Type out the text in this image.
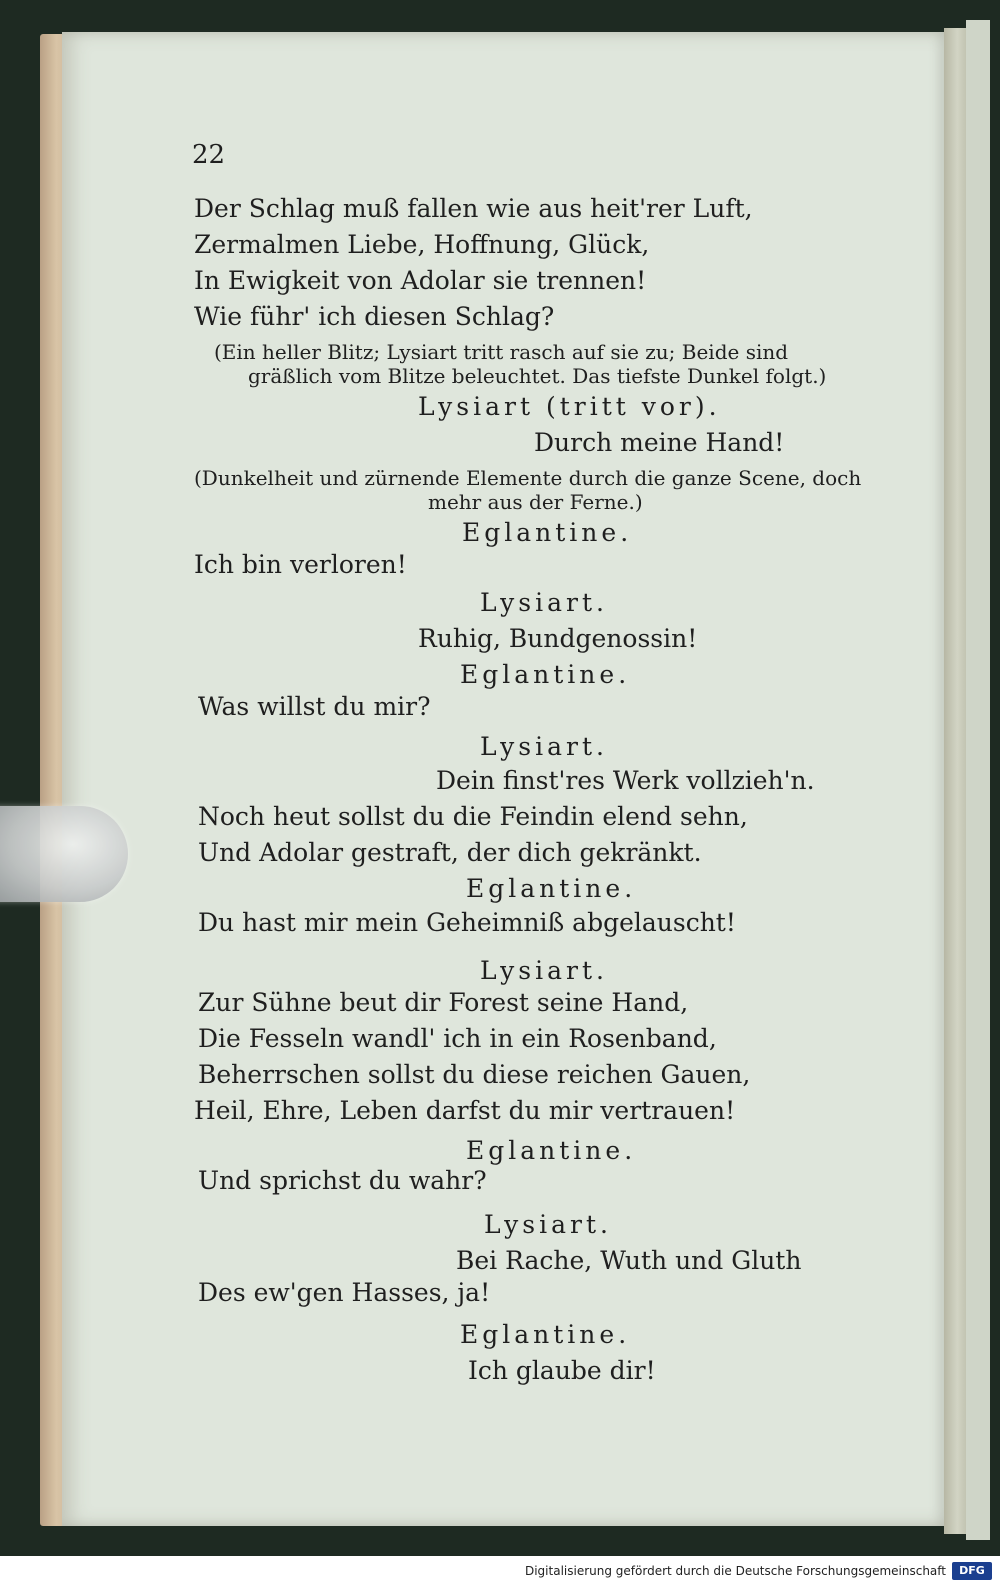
22
Der Schlag muß fallen wie aus heit'rer Luft,
Zermalmen Liebe, Hoffnung, Glück,
In Ewigkeit von Adolar sie trennen!
Wie führ' ich diesen Schlag?
(Ein heller Blitz; Lysiart tritt rasch auf sie zu; Beide sind
gräßlich vom Blitze beleuchtet. Das tiefste Dunkel folgt.)
Lysiart (tritt vor).
Durch meine Hand!
(Dunkelheit und zürnende Elemente durch die ganze Scene, doch
mehr aus der Ferne.)
Eglantine.
Ich bin verloren!
Lysiart.
Ruhig, Bundgenossin!
Eglantine.
Was willst du mir?
Lysiart.
Dein finst'res Werk vollzieh'n.
Noch heut sollst du die Feindin elend sehn,
Und Adolar gestraft, der dich gekränkt.
Eglantine.
Du hast mir mein Geheimniß abgelauscht!
Lysiart.
Zur Sühne beut dir Forest seine Hand,
Die Fesseln wandl' ich in ein Rosenband,
Beherrschen sollst du diese reichen Gauen,
Heil, Ehre, Leben darfst du mir vertrauen!
Eglantine.
Und sprichst du wahr?
Lysiart.
Bei Rache, Wuth und Gluth
Des ew'gen Hasses, ja!
Eglantine.
Ich glaube dir!
Digitalisierung gefördert durch die Deutsche Forschungsgemeinschaft	DFG
